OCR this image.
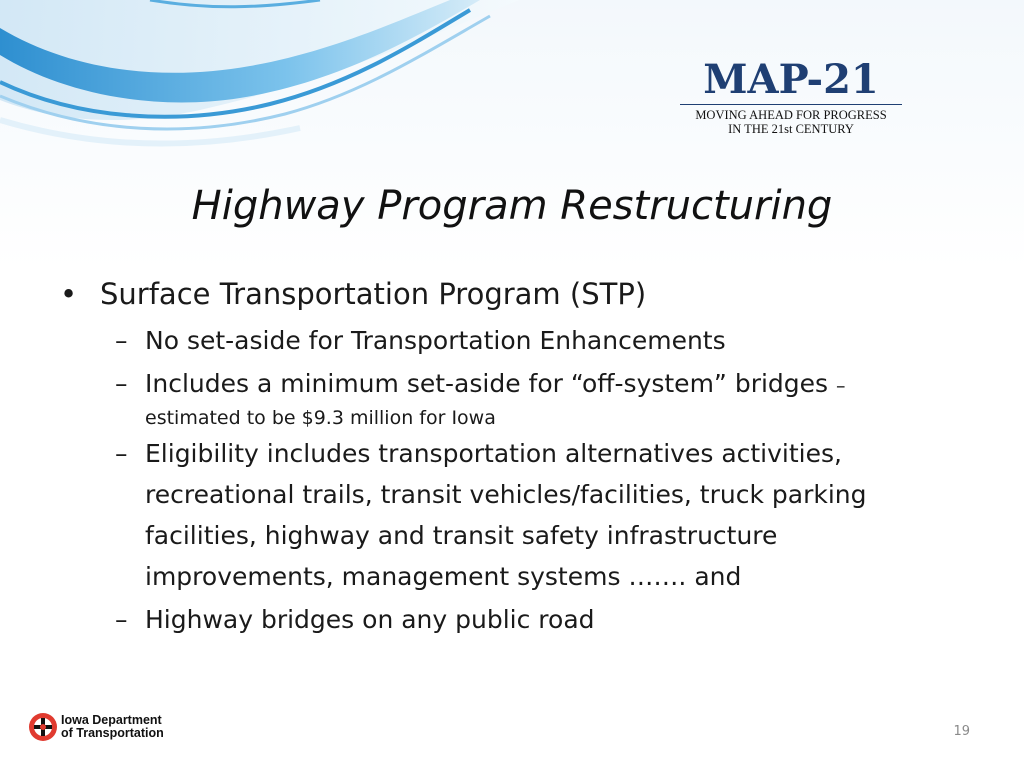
MAP-21
MOVING AHEAD FOR PROGRESS
IN THE 21st CENTURY
Highway Program Restructuring
• Surface Transportation Program (STP)
– No set-aside for Transportation Enhancements
– Includes a minimum set-aside for “off-system” bridges –
estimated to be $9.3 million for Iowa
– Eligibility includes transportation alternatives activities, recreational trails, transit vehicles/facilities, truck parking facilities, highway and transit safety infrastructure improvements, management systems ……. and
– Highway bridges on any public road
Iowa Department
of Transportation	19
